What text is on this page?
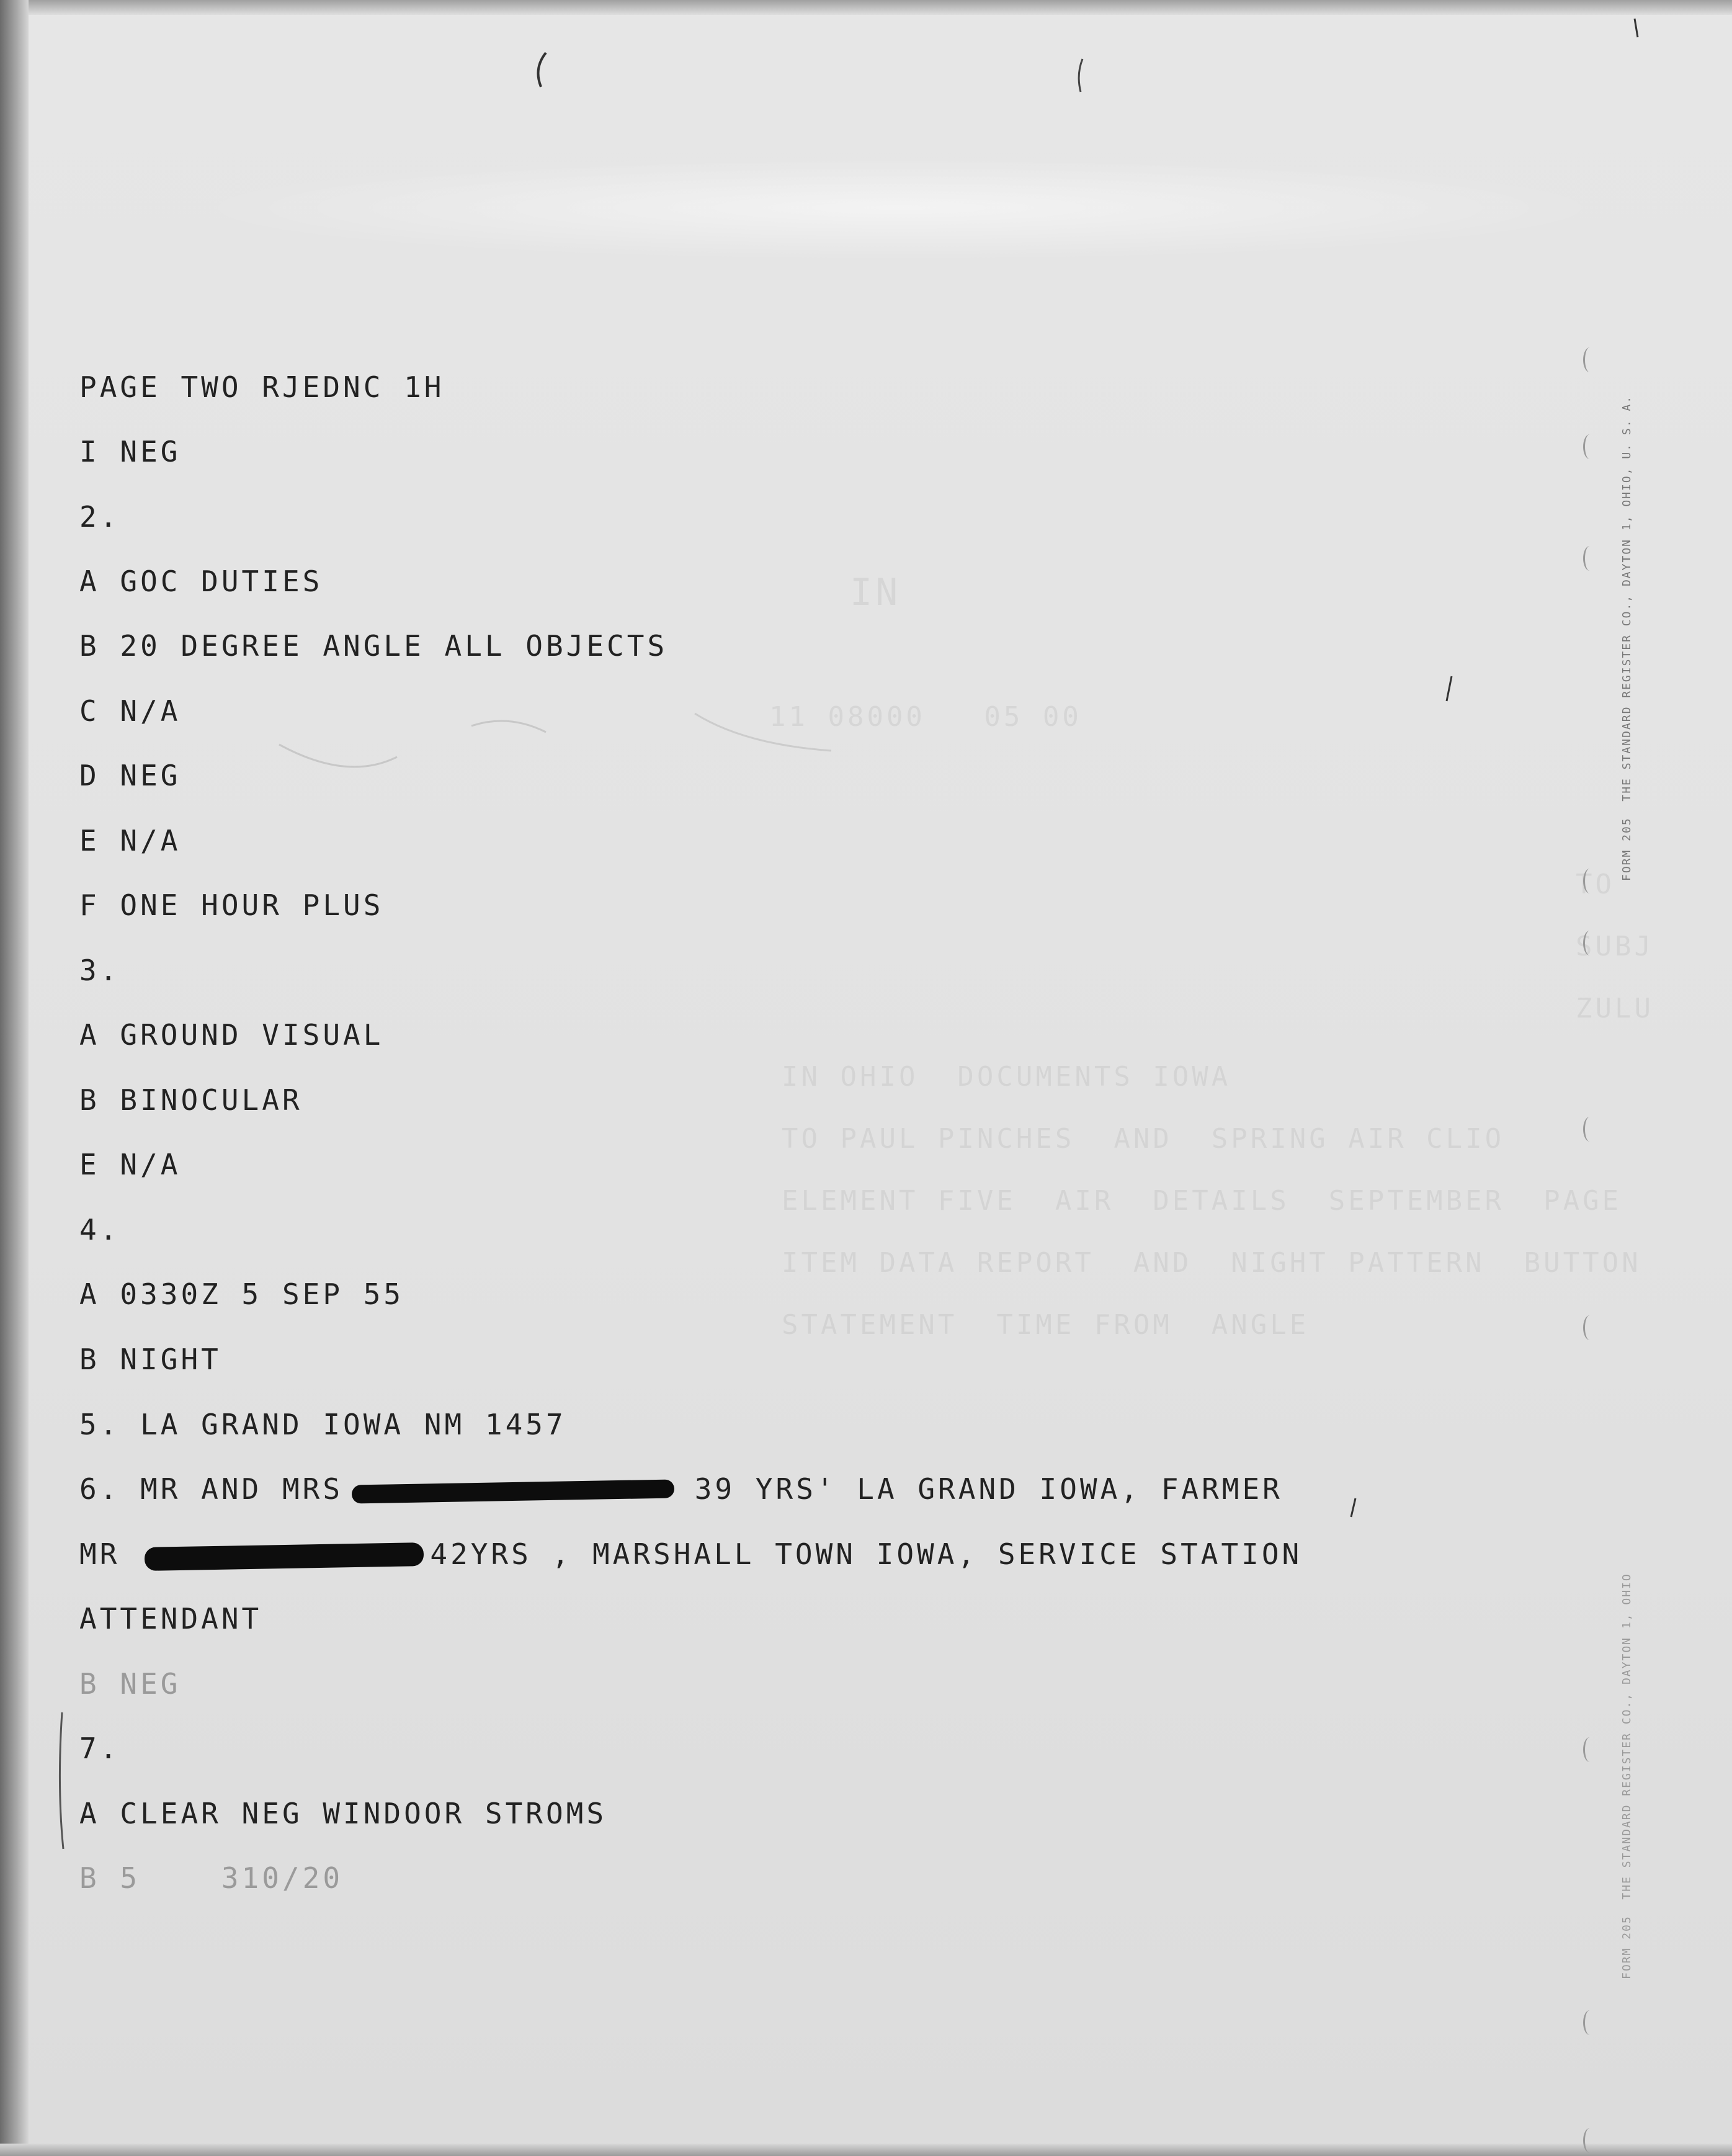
IN
11 08000   05 00
TO
SUBJ
ZULU
IN OHIO  DOCUMENTS IOWA
TO PAUL PINCHES  AND  SPRING AIR CLIO
ELEMENT FIVE  AIR  DETAILS  SEPTEMBER  PAGE
ITEM DATA REPORT  AND  NIGHT PATTERN  BUTTON
STATEMENT  TIME FROM  ANGLE

PAGE TWO RJEDNC 1H

I NEG

2.

A GOC DUTIES

B 20 DEGREE ANGLE ALL OBJECTS

C N/A

D NEG

E N/A

F ONE HOUR PLUS

3.

A GROUND VISUAL

B BINOCULAR

E N/A

4.

A 0330Z 5 SEP 55

B NIGHT

5. LA GRAND IOWA NM 1457

6. MR AND MRS	39 YRS' LA GRAND IOWA, FARMER

MR	42YRS , MARSHALL TOWN IOWA, SERVICE STATION

ATTENDANT

B NEG

7.

A CLEAR NEG WINDOOR STROMS

B 5    310/20

FORM 205  THE STANDARD REGISTER CO., DAYTON 1, OHIO, U. S. A.
FORM 205  THE STANDARD REGISTER CO., DAYTON 1, OHIO
